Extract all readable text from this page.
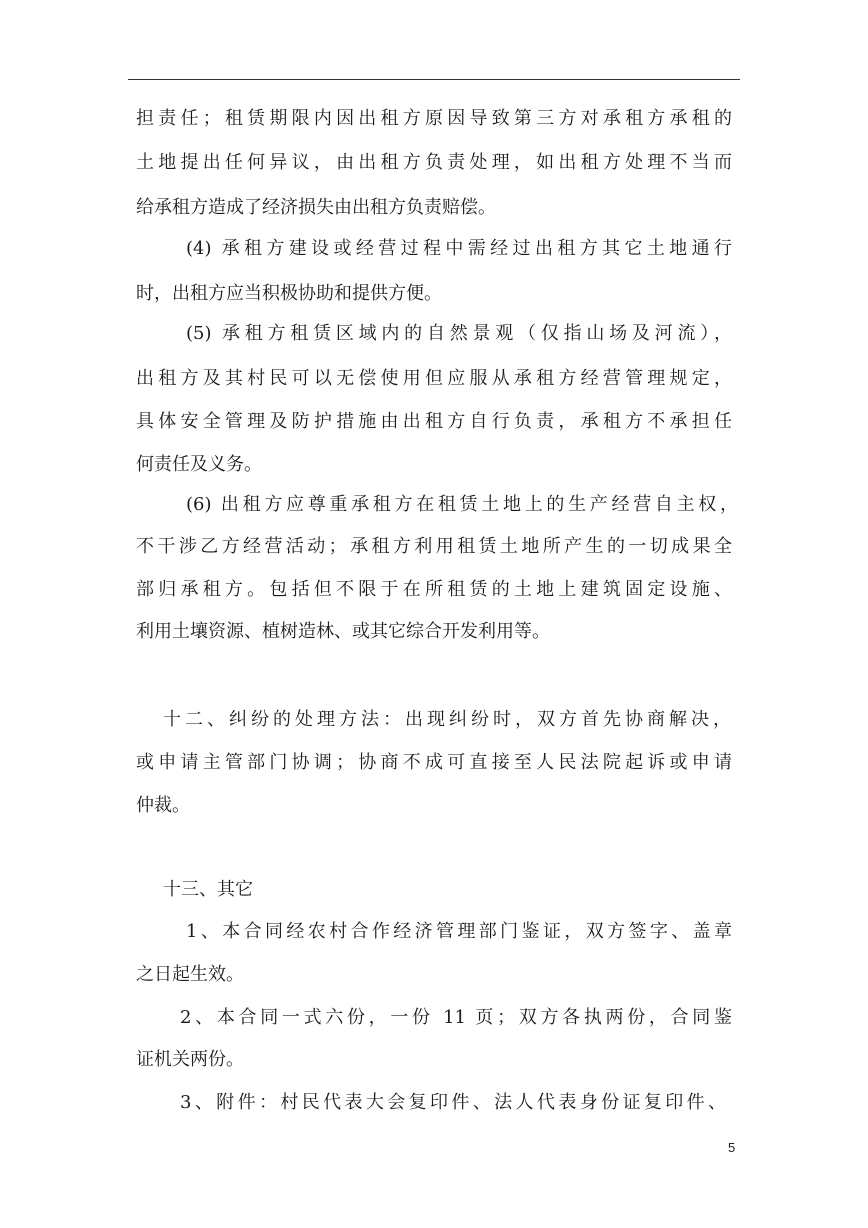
担责任；租赁期限内因出租方原因导致第三方对承租方承租的
土地提出任何异议，由出租方负责处理，如出租方处理不当而
给承租方造成了经济损失由出租方负责赔偿。
(4) 承租方建设或经营过程中需经过出租方其它土地通行
时，出租方应当积极协助和提供方便。
(5) 承租方租赁区域内的自然景观（仅指山场及河流），
出租方及其村民可以无偿使用但应服从承租方经营管理规定，
具体安全管理及防护措施由出租方自行负责，承租方不承担任
何责任及义务。
(6) 出租方应尊重承租方在租赁土地上的生产经营自主权，
不干涉乙方经营活动；承租方利用租赁土地所产生的一切成果全
部归承租方。包括但不限于在所租赁的土地上建筑固定设施、
利用土壤资源、植树造林、或其它综合开发利用等。
十二、纠纷的处理方法：出现纠纷时，双方首先协商解决，
或申请主管部门协调；协商不成可直接至人民法院起诉或申请
仲裁。
十三、其它
1、本合同经农村合作经济管理部门鉴证，双方签字、盖章
之日起生效。
2、本合同一式六份，一份 11 页；双方各执两份，合同鉴
证机关两份。
3、附件：村民代表大会复印件、法人代表身份证复印件、
5
